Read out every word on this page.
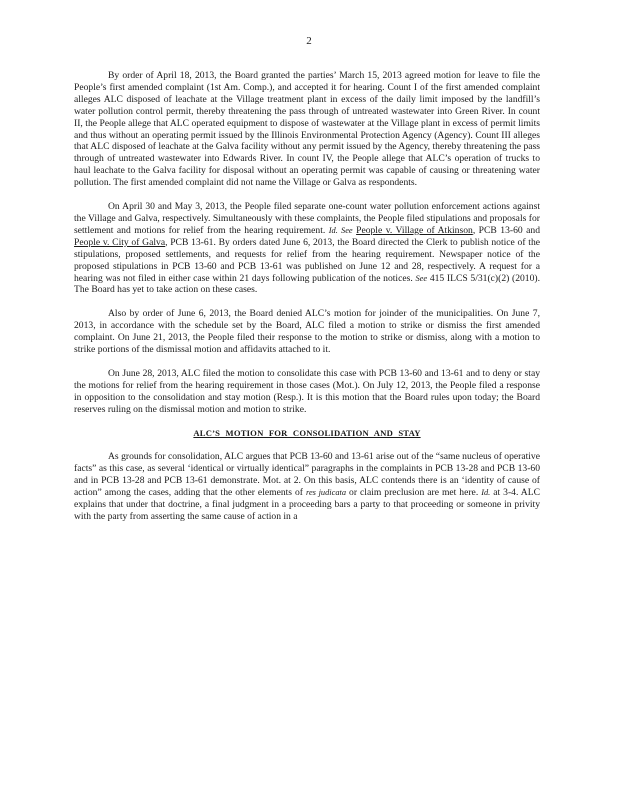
2

By order of April 18, 2013, the Board granted the parties’ March 15, 2013 agreed motion for leave to file the People’s first amended complaint (1st Am. Comp.), and accepted it for hearing. Count I of the first amended complaint alleges ALC disposed of leachate at the Village treatment plant in excess of the daily limit imposed by the landfill’s water pollution control permit, thereby threatening the pass through of untreated wastewater into Green River. In count II, the People allege that ALC operated equipment to dispose of wastewater at the Village plant in excess of permit limits and thus without an operating permit issued by the Illinois Environmental Protection Agency (Agency). Count III alleges that ALC disposed of leachate at the Galva facility without any permit issued by the Agency, thereby threatening the pass through of untreated wastewater into Edwards River. In count IV, the People allege that ALC’s operation of trucks to haul leachate to the Galva facility for disposal without an operating permit was capable of causing or threatening water pollution. The first amended complaint did not name the Village or Galva as respondents.

On April 30 and May 3, 2013, the People filed separate one-count water pollution enforcement actions against the Village and Galva, respectively. Simultaneously with these complaints, the People filed stipulations and proposals for settlement and motions for relief from the hearing requirement. Id. See People v. Village of Atkinson, PCB 13-60 and People v. City of Galva, PCB 13-61. By orders dated June 6, 2013, the Board directed the Clerk to publish notice of the stipulations, proposed settlements, and requests for relief from the hearing requirement. Newspaper notice of the proposed stipulations in PCB 13-60 and PCB 13-61 was published on June 12 and 28, respectively. A request for a hearing was not filed in either case within 21 days following publication of the notices. See 415 ILCS 5/31(c)(2) (2010). The Board has yet to take action on these cases.

Also by order of June 6, 2013, the Board denied ALC’s motion for joinder of the municipalities. On June 7, 2013, in accordance with the schedule set by the Board, ALC filed a motion to strike or dismiss the first amended complaint. On June 21, 2013, the People filed their response to the motion to strike or dismiss, along with a motion to strike portions of the dismissal motion and affidavits attached to it.

On June 28, 2013, ALC filed the motion to consolidate this case with PCB 13-60 and 13-61 and to deny or stay the motions for relief from the hearing requirement in those cases (Mot.). On July 12, 2013, the People filed a response in opposition to the consolidation and stay motion (Resp.). It is this motion that the Board rules upon today; the Board reserves ruling on the dismissal motion and motion to strike.

ALC’S MOTION FOR CONSOLIDATION AND STAY

As grounds for consolidation, ALC argues that PCB 13-60 and 13-61 arise out of the “same nucleus of operative facts” as this case, as several ‘identical or virtually identical” paragraphs in the complaints in PCB 13-28 and PCB 13-60 and in PCB 13-28 and PCB 13-61 demonstrate. Mot. at 2. On this basis, ALC contends there is an ‘identity of cause of action” among the cases, adding that the other elements of res judicata or claim preclusion are met here. Id. at 3-4. ALC explains that under that doctrine, a final judgment in a proceeding bars a party to that proceeding or someone in privity with the party from asserting the same cause of action in a
